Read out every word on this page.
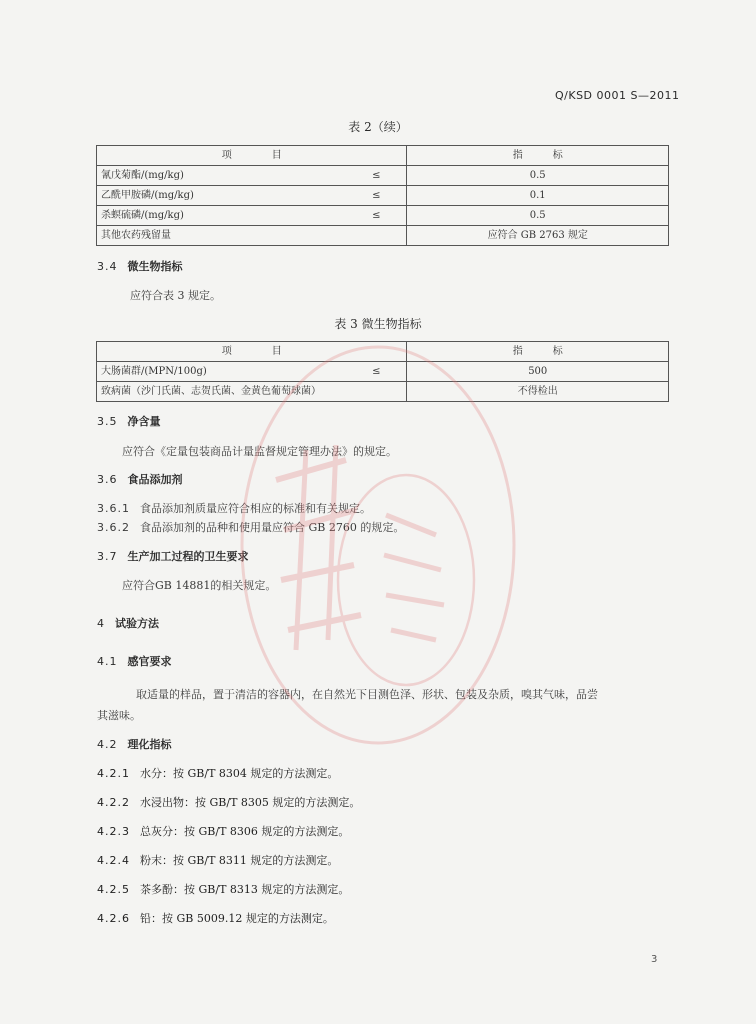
Q/KSD 0001 S—2011
表 2（续）
项　　　　目	指　　　标
氰戊菊酯/(mg/kg) ≤	0.5
乙酰甲胺磷/(mg/kg) ≤	0.1
杀螟硫磷/(mg/kg) ≤	0.5
其他农药残留量	应符合 GB 2763 规定
3.4 微生物指标
应符合表 3 规定。
表 3 微生物指标
项　　　　目	指　　　标
大肠菌群/(MPN/100g) ≤	500
致病菌（沙门氏菌、志贺氏菌、金黄色葡萄球菌）	不得检出
3.5 净含量
应符合《定量包装商品计量监督规定管理办法》的规定。
3.6 食品添加剂
3.6.1 食品添加剂质量应符合相应的标准和有关规定。
3.6.2 食品添加剂的品种和使用量应符合 GB 2760 的规定。
3.7 生产加工过程的卫生要求
应符合GB 14881的相关规定。
4 试验方法
4.1 感官要求
取适量的样品，置于清洁的容器内，在自然光下目测色泽、形状、包装及杂质，嗅其气味，品尝
其滋味。
4.2 理化指标
4.2.1 水分：按 GB/T 8304 规定的方法测定。
4.2.2 水浸出物：按 GB/T 8305 规定的方法测定。
4.2.3 总灰分：按 GB/T 8306 规定的方法测定。
4.2.4 粉末：按 GB/T 8311 规定的方法测定。
4.2.5 茶多酚：按 GB/T 8313 规定的方法测定。
4.2.6 铅：按 GB 5009.12 规定的方法测定。
3
